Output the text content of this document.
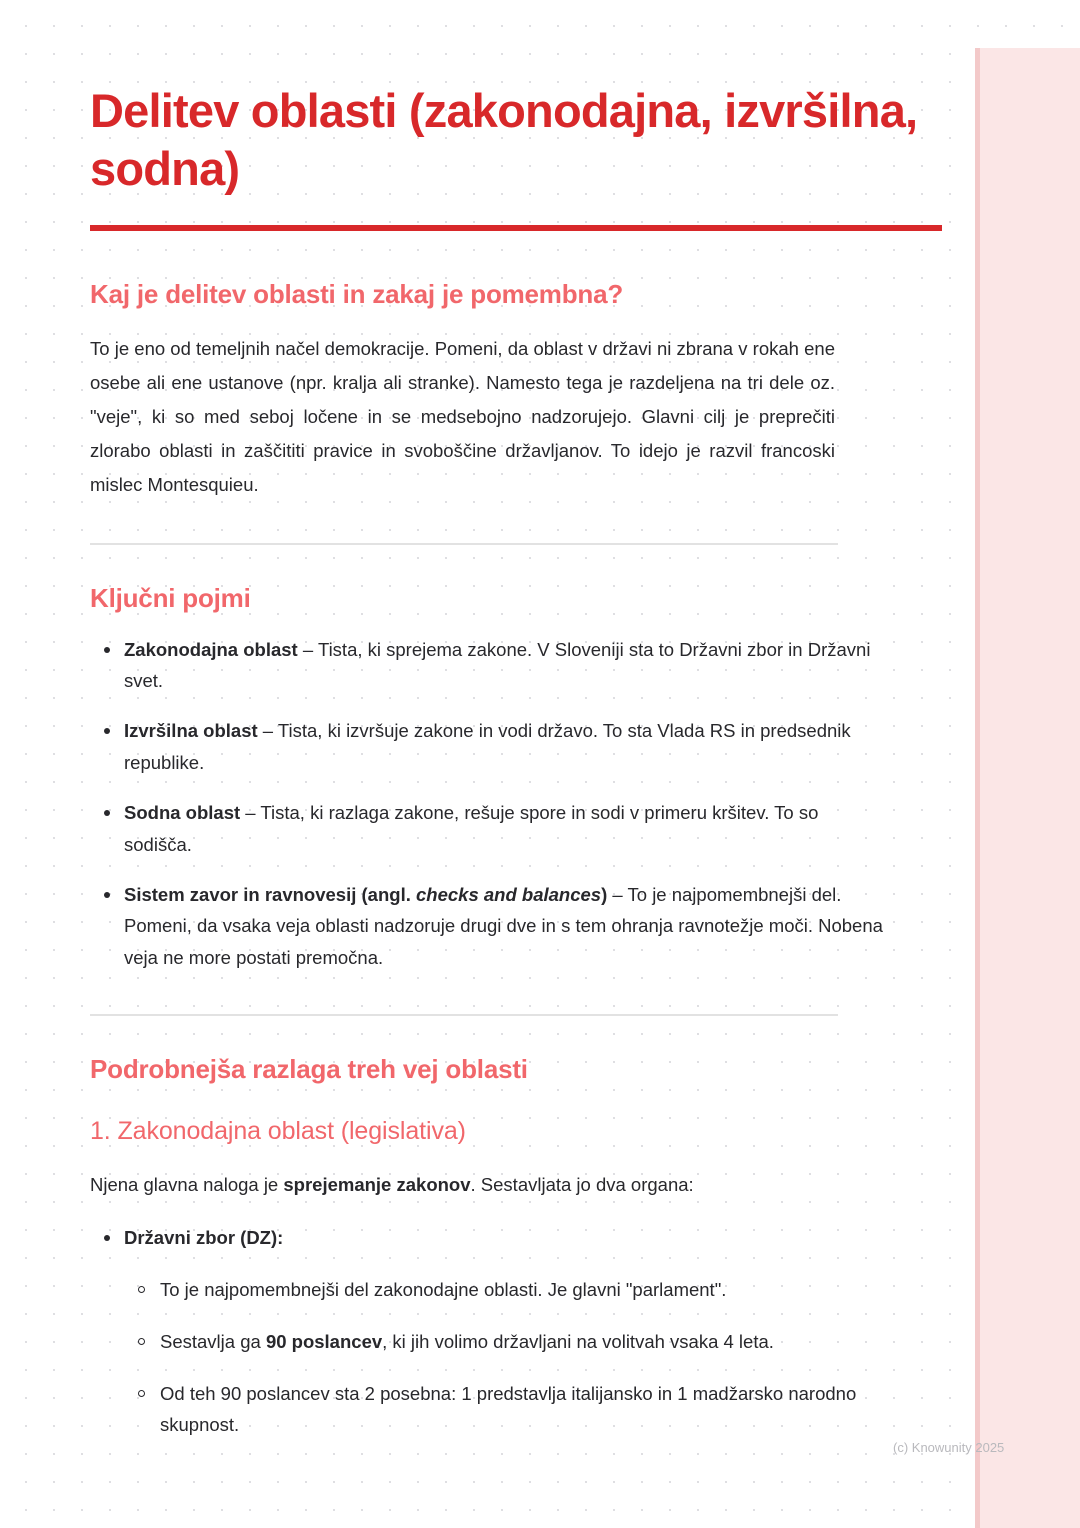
Delitev oblasti (zakonodajna, izvršilna, sodna)
Kaj je delitev oblasti in zakaj je pomembna?

To je eno od temeljnih načel demokracije. Pomeni, da oblast v državi ni zbrana v rokah ene osebe ali ene ustanove (npr. kralja ali stranke). Namesto tega je razdeljena na tri dele oz. "veje", ki so med seboj ločene in se medsebojno nadzorujejo. Glavni cilj je preprečiti zlorabo oblasti in zaščititi pravice in svoboščine državljanov. To idejo je razvil francoski mislec Montesquieu.

Ključni pojmi
Zakonodajna oblast – Tista, ki sprejema zakone. V Sloveniji sta to Državni zbor in Državni svet.
Izvršilna oblast – Tista, ki izvršuje zakone in vodi državo. To sta Vlada RS in predsednik republike.
Sodna oblast – Tista, ki razlaga zakone, rešuje spore in sodi v primeru kršitev. To so sodišča.
Sistem zavor in ravnovesij (angl. checks and balances) – To je najpomembnejši del. Pomeni, da vsaka veja oblasti nadzoruje drugi dve in s tem ohranja ravnotežje moči. Nobena veja ne more postati premočna.
Podrobnejša razlaga treh vej oblasti
1. Zakonodajna oblast (legislativa)

Njena glavna naloga je sprejemanje zakonov. Sestavljata jo dva organa:

Državni zbor (DZ):
To je najpomembnejši del zakonodajne oblasti. Je glavni "parlament".
Sestavlja ga 90 poslancev, ki jih volimo državljani na volitvah vsaka 4 leta.
Od teh 90 poslancev sta 2 posebna: 1 predstavlja italijansko in 1 madžarsko narodno skupnost.
(c) Knowunity 2025
